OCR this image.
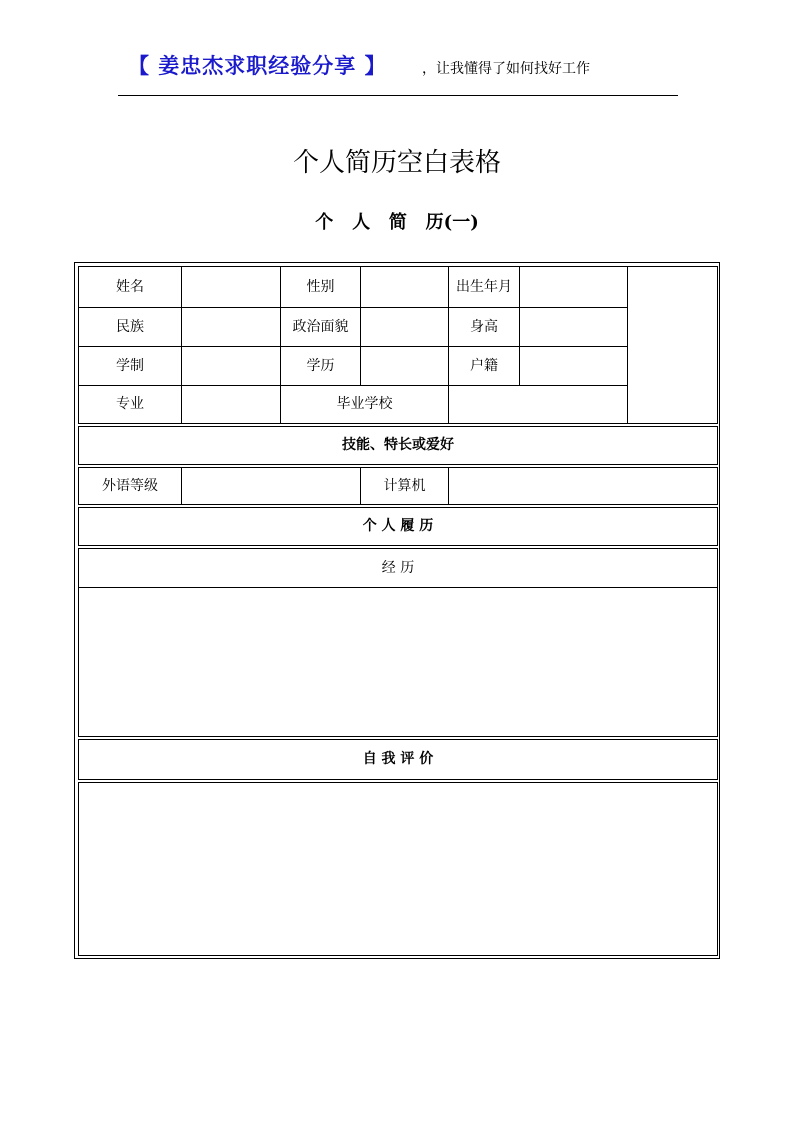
【 姜忠杰求职经验分享 】	，让我懂得了如何找好工作
个人简历空白表格
个   人   简   历(一)
姓名	性别	出生年月
民族	政治面貌	身高
学制	学历	户籍
专业	毕业学校
技能、特长或爱好
外语等级	计算机
个 人 履 历
经 历
自 我 评 价
